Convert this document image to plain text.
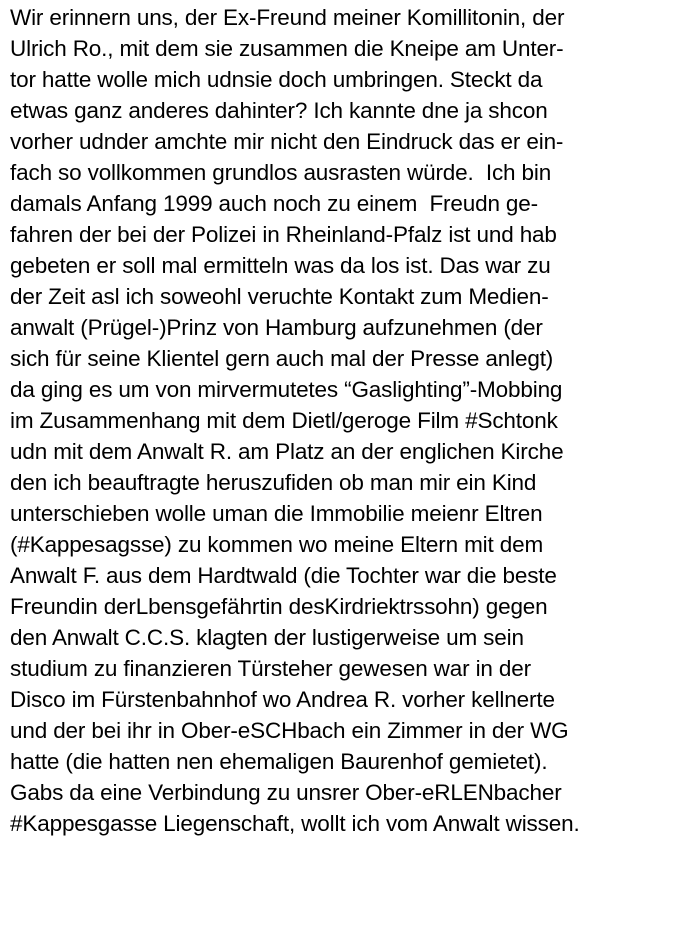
Wir erinnern uns, der Ex-Freund meiner Komillitonin, der
Ulrich Ro., mit dem sie zusammen die Kneipe am Unter-
tor hatte wolle mich udnsie doch umbringen. Steckt da
etwas ganz anderes dahinter? Ich kannte dne ja shcon
vorher udnder amchte mir nicht den Eindruck das er ein-
fach so vollkommen grundlos ausrasten würde.  Ich bin
damals Anfang 1999 auch noch zu einem  Freudn ge-
fahren der bei der Polizei in Rheinland-Pfalz ist und hab
gebeten er soll mal ermitteln was da los ist. Das war zu
der Zeit asl ich soweohl veruchte Kontakt zum Medien-
anwalt (Prügel-)Prinz von Hamburg aufzunehmen (der
sich für seine Klientel gern auch mal der Presse anlegt)
da ging es um von mirvermutetes “Gaslighting”-Mobbing
im Zusammenhang mit dem Dietl/geroge Film #Schtonk
udn mit dem Anwalt R. am Platz an der englichen Kirche
den ich beauftragte heruszufiden ob man mir ein Kind
unterschieben wolle uman die Immobilie meienr Eltren
(#Kappesagsse) zu kommen wo meine Eltern mit dem
Anwalt F. aus dem Hardtwald (die Tochter war die beste
Freundin derLbensgefährtin desKirdriektrssohn) gegen
den Anwalt C.C.S. klagten der lustigerweise um sein
studium zu finanzieren Türsteher gewesen war in der
Disco im Fürstenbahnhof wo Andrea R. vorher kellnerte
und der bei ihr in Ober-eSCHbach ein Zimmer in der WG
hatte (die hatten nen ehemaligen Baurenhof gemietet).
Gabs da eine Verbindung zu unsrer Ober-eRLENbacher
#Kappesgasse Liegenschaft, wollt ich vom Anwalt wissen.
